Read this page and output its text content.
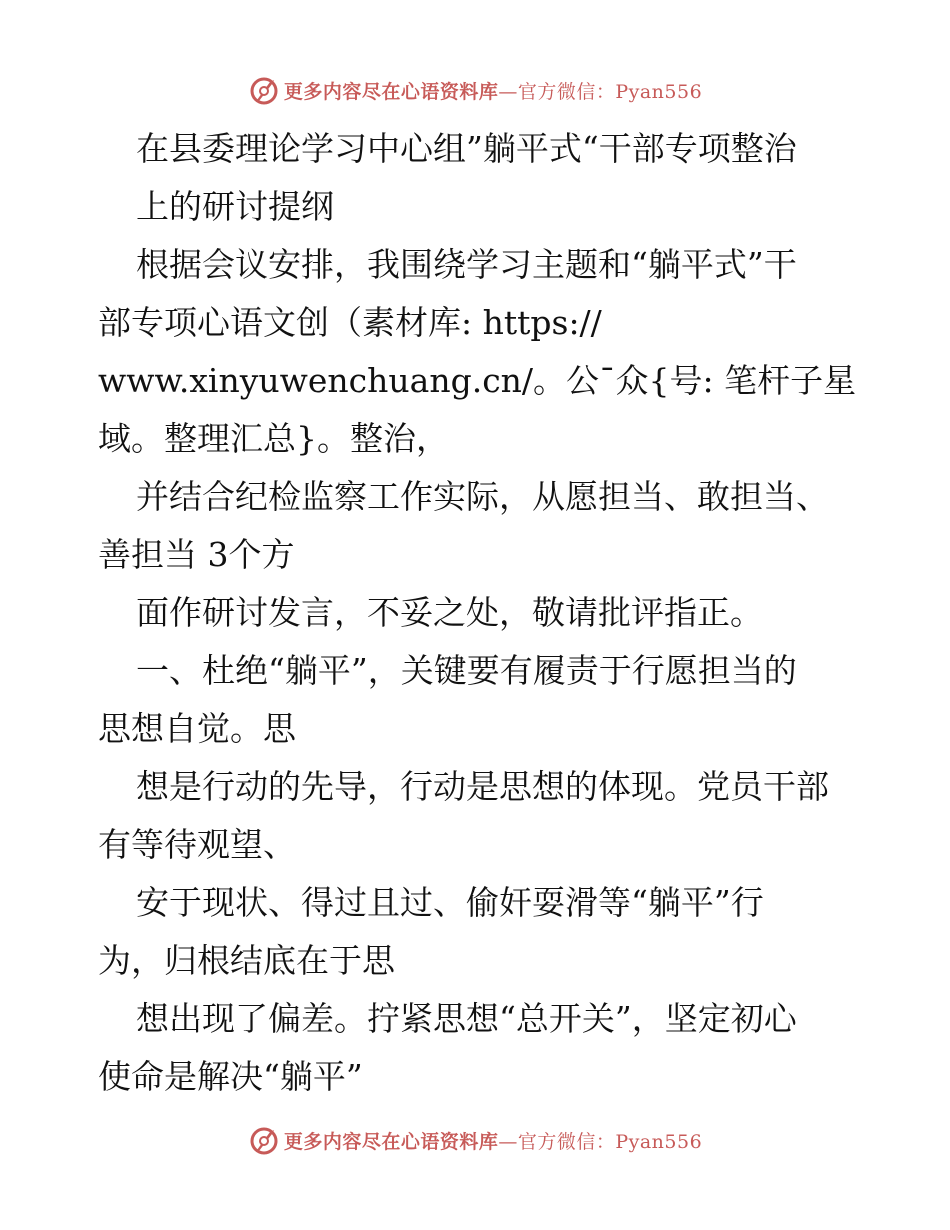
更多内容尽在心语资料库—官方微信：Pyan556
在县委理论学习中心组”躺平式“干部专项整治
上的研讨提纲
根据会议安排，我围绕学习主题和“躺平式”干
部专项心语文创（素材库: https://
www.xinyuwenchuang.cn/。公¯众{号: 笔杆子星
域。整理汇总}。整治，
并结合纪检监察工作实际，从愿担当、敢担当、
善担当 3个方
面作研讨发言，不妥之处，敬请批评指正。
一、杜绝“躺平”，关键要有履责于行愿担当的
思想自觉。思
想是行动的先导，行动是思想的体现。党员干部
有等待观望、
安于现状、得过且过、偷奸耍滑等“躺平”行
为，归根结底在于思
想出现了偏差。拧紧思想“总开关”，坚定初心
使命是解决“躺平”
更多内容尽在心语资料库—官方微信：Pyan556
